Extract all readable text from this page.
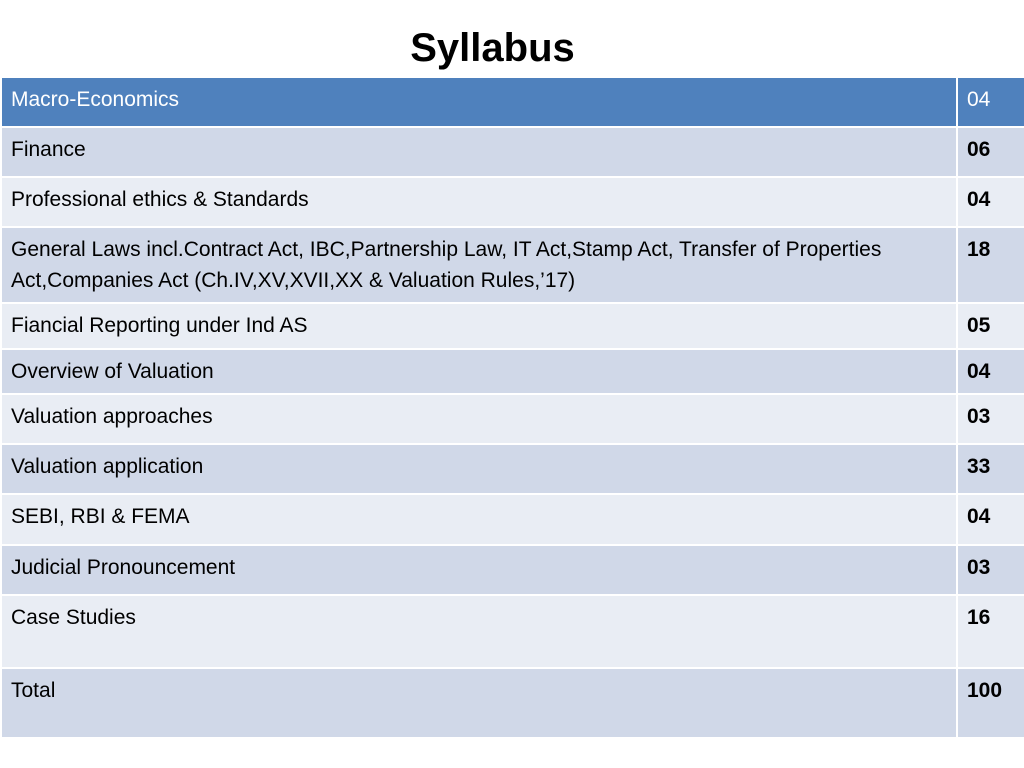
Syllabus
Macro-Economics	04
Finance	06
Professional ethics & Standards	04
General Laws incl.Contract Act, IBC,Partnership Law, IT Act,Stamp Act, Transfer of Properties Act,Companies Act (Ch.IV,XV,XVII,XX & Valuation Rules,’17)	18
Fiancial Reporting under Ind AS	05
Overview of Valuation	04
Valuation approaches	03
Valuation application	33
SEBI, RBI & FEMA	04
Judicial Pronouncement	03
Case Studies	16
Total	100
